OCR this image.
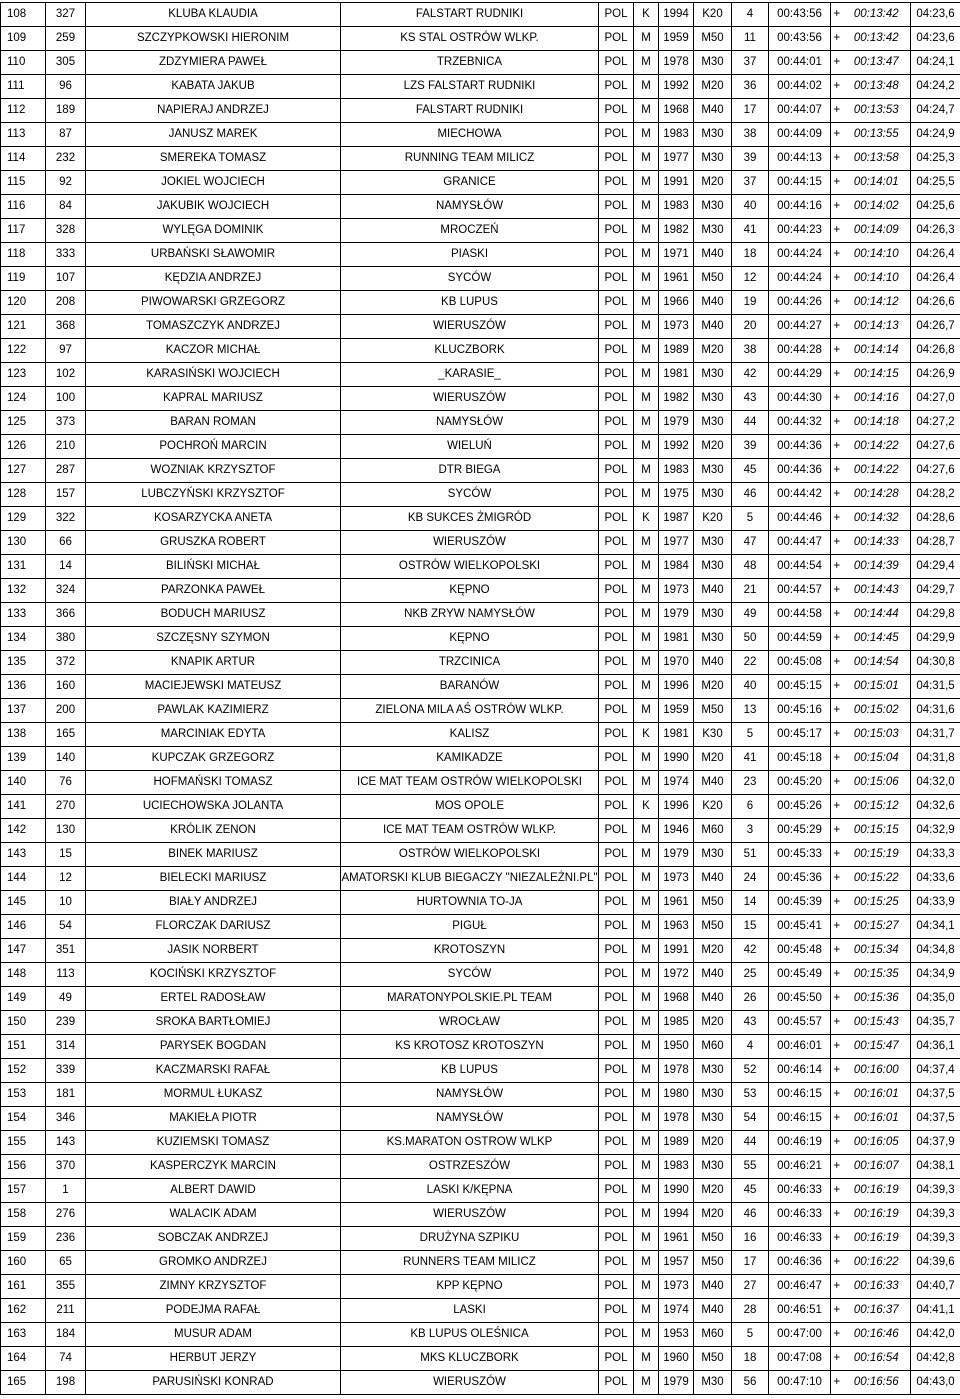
108	327	KLUBA KLAUDIA	FALSTART RUDNIKI	POL	K	1994	K20	4	00:43:56	+	00:13:42	04:23,6
109	259	SZCZYPKOWSKI HIERONIM	KS STAL OSTRÓW WLKP.	POL	M	1959	M50	11	00:43:56	+	00:13:42	04:23,6
110	305	ZDZYMIERA PAWEŁ	TRZEBNICA	POL	M	1978	M30	37	00:44:01	+	00:13:47	04:24,1
111	96	KABATA JAKUB	LZS FALSTART RUDNIKI	POL	M	1992	M20	36	00:44:02	+	00:13:48	04:24,2
112	189	NAPIERAJ ANDRZEJ	FALSTART RUDNIKI	POL	M	1968	M40	17	00:44:07	+	00:13:53	04:24,7
113	87	JANUSZ MAREK	MIECHOWA	POL	M	1983	M30	38	00:44:09	+	00:13:55	04:24,9
114	232	SMEREKA TOMASZ	RUNNING TEAM MILICZ	POL	M	1977	M30	39	00:44:13	+	00:13:58	04:25,3
115	92	JOKIEL WOJCIECH	GRANICE	POL	M	1991	M20	37	00:44:15	+	00:14:01	04:25,5
116	84	JAKUBIK WOJCIECH	NAMYSŁÓW	POL	M	1983	M30	40	00:44:16	+	00:14:02	04:25,6
117	328	WYLĘGA DOMINIK	MROCZEŃ	POL	M	1982	M30	41	00:44:23	+	00:14:09	04:26,3
118	333	URBAŃSKI SŁAWOMIR	PIASKI	POL	M	1971	M40	18	00:44:24	+	00:14:10	04:26,4
119	107	KĘDZIA ANDRZEJ	SYCÓW	POL	M	1961	M50	12	00:44:24	+	00:14:10	04:26,4
120	208	PIWOWARSKI GRZEGORZ	KB LUPUS	POL	M	1966	M40	19	00:44:26	+	00:14:12	04:26,6
121	368	TOMASZCZYK ANDRZEJ	WIERUSZÓW	POL	M	1973	M40	20	00:44:27	+	00:14:13	04:26,7
122	97	KACZOR MICHAŁ	KLUCZBORK	POL	M	1989	M20	38	00:44:28	+	00:14:14	04:26,8
123	102	KARASIŃSKI WOJCIECH	_KARASIE_	POL	M	1981	M30	42	00:44:29	+	00:14:15	04:26,9
124	100	KAPRAL MARIUSZ	WIERUSZÓW	POL	M	1982	M30	43	00:44:30	+	00:14:16	04:27,0
125	373	BARAN ROMAN	NAMYSŁÓW	POL	M	1979	M30	44	00:44:32	+	00:14:18	04:27,2
126	210	POCHROŃ MARCIN	WIELUŃ	POL	M	1992	M20	39	00:44:36	+	00:14:22	04:27,6
127	287	WOZNIAK KRZYSZTOF	DTR BIEGA	POL	M	1983	M30	45	00:44:36	+	00:14:22	04:27,6
128	157	LUBCZYŃSKI KRZYSZTOF	SYCÓW	POL	M	1975	M30	46	00:44:42	+	00:14:28	04:28,2
129	322	KOSARZYCKA ANETA	KB SUKCES ŻMIGRÓD	POL	K	1987	K20	5	00:44:46	+	00:14:32	04:28,6
130	66	GRUSZKA ROBERT	WIERUSZÓW	POL	M	1977	M30	47	00:44:47	+	00:14:33	04:28,7
131	14	BILIŃSKI MICHAŁ	OSTRÓW WIELKOPOLSKI	POL	M	1984	M30	48	00:44:54	+	00:14:39	04:29,4
132	324	PARZONKA PAWEŁ	KĘPNO	POL	M	1973	M40	21	00:44:57	+	00:14:43	04:29,7
133	366	BODUCH MARIUSZ	NKB ZRYW NAMYSŁÓW	POL	M	1979	M30	49	00:44:58	+	00:14:44	04:29,8
134	380	SZCZĘSNY SZYMON	KĘPNO	POL	M	1981	M30	50	00:44:59	+	00:14:45	04:29,9
135	372	KNAPIK ARTUR	TRZCINICA	POL	M	1970	M40	22	00:45:08	+	00:14:54	04:30,8
136	160	MACIEJEWSKI MATEUSZ	BARANÓW	POL	M	1996	M20	40	00:45:15	+	00:15:01	04:31,5
137	200	PAWLAK KAZIMIERZ	ZIELONA MILA AŚ OSTRÓW WLKP.	POL	M	1959	M50	13	00:45:16	+	00:15:02	04:31,6
138	165	MARCINIAK EDYTA	KALISZ	POL	K	1981	K30	5	00:45:17	+	00:15:03	04:31,7
139	140	KUPCZAK GRZEGORZ	KAMIKADZE	POL	M	1990	M20	41	00:45:18	+	00:15:04	04:31,8
140	76	HOFMAŃSKI TOMASZ	ICE MAT TEAM OSTRÓW WIELKOPOLSKI	POL	M	1974	M40	23	00:45:20	+	00:15:06	04:32,0
141	270	UCIECHOWSKA JOLANTA	MOS OPOLE	POL	K	1996	K20	6	00:45:26	+	00:15:12	04:32,6
142	130	KRÓLIK ZENON	ICE MAT TEAM OSTRÓW WLKP.	POL	M	1946	M60	3	00:45:29	+	00:15:15	04:32,9
143	15	BINEK MARIUSZ	OSTRÓW WIELKOPOLSKI	POL	M	1979	M30	51	00:45:33	+	00:15:19	04:33,3
144	12	BIELECKI MARIUSZ	AMATORSKI KLUB BIEGACZY "NIEZALEŻNI.PL"	POL	M	1973	M40	24	00:45:36	+	00:15:22	04:33,6
145	10	BIAŁY ANDRZEJ	HURTOWNIA TO-JA	POL	M	1961	M50	14	00:45:39	+	00:15:25	04:33,9
146	54	FLORCZAK DARIUSZ	PIGUŁ	POL	M	1963	M50	15	00:45:41	+	00:15:27	04:34,1
147	351	JASIK NORBERT	KROTOSZYN	POL	M	1991	M20	42	00:45:48	+	00:15:34	04:34,8
148	113	KOCIŃSKI KRZYSZTOF	SYCÓW	POL	M	1972	M40	25	00:45:49	+	00:15:35	04:34,9
149	49	ERTEL RADOSŁAW	MARATONYPOLSKIE.PL TEAM	POL	M	1968	M40	26	00:45:50	+	00:15:36	04:35,0
150	239	SROKA BARTŁOMIEJ	WROCŁAW	POL	M	1985	M20	43	00:45:57	+	00:15:43	04:35,7
151	314	PARYSEK BOGDAN	KS KROTOSZ KROTOSZYN	POL	M	1950	M60	4	00:46:01	+	00:15:47	04:36,1
152	339	KACZMARSKI RAFAŁ	KB LUPUS	POL	M	1978	M30	52	00:46:14	+	00:16:00	04:37,4
153	181	MORMUL ŁUKASZ	NAMYSŁÓW	POL	M	1980	M30	53	00:46:15	+	00:16:01	04:37,5
154	346	MAKIEŁA PIOTR	NAMYSŁÓW	POL	M	1978	M30	54	00:46:15	+	00:16:01	04:37,5
155	143	KUZIEMSKI TOMASZ	KS.MARATON OSTROW WLKP	POL	M	1989	M20	44	00:46:19	+	00:16:05	04:37,9
156	370	KASPERCZYK MARCIN	OSTRZESZÓW	POL	M	1983	M30	55	00:46:21	+	00:16:07	04:38,1
157	1	ALBERT DAWID	LASKI K/KĘPNA	POL	M	1990	M20	45	00:46:33	+	00:16:19	04:39,3
158	276	WALACIK ADAM	WIERUSZÓW	POL	M	1994	M20	46	00:46:33	+	00:16:19	04:39,3
159	236	SOBCZAK ANDRZEJ	DRUŻYNA SZPIKU	POL	M	1961	M50	16	00:46:33	+	00:16:19	04:39,3
160	65	GROMKO ANDRZEJ	RUNNERS TEAM MILICZ	POL	M	1957	M50	17	00:46:36	+	00:16:22	04:39,6
161	355	ZIMNY KRZYSZTOF	KPP KĘPNO	POL	M	1973	M40	27	00:46:47	+	00:16:33	04:40,7
162	211	PODEJMA RAFAŁ	LASKI	POL	M	1974	M40	28	00:46:51	+	00:16:37	04:41,1
163	184	MUSUR ADAM	KB LUPUS OLEŚNICA	POL	M	1953	M60	5	00:47:00	+	00:16:46	04:42,0
164	74	HERBUT JERZY	MKS KLUCZBORK	POL	M	1960	M50	18	00:47:08	+	00:16:54	04:42,8
165	198	PARUSIŃSKI KONRAD	WIERUSZÓW	POL	M	1979	M30	56	00:47:10	+	00:16:56	04:43,0
